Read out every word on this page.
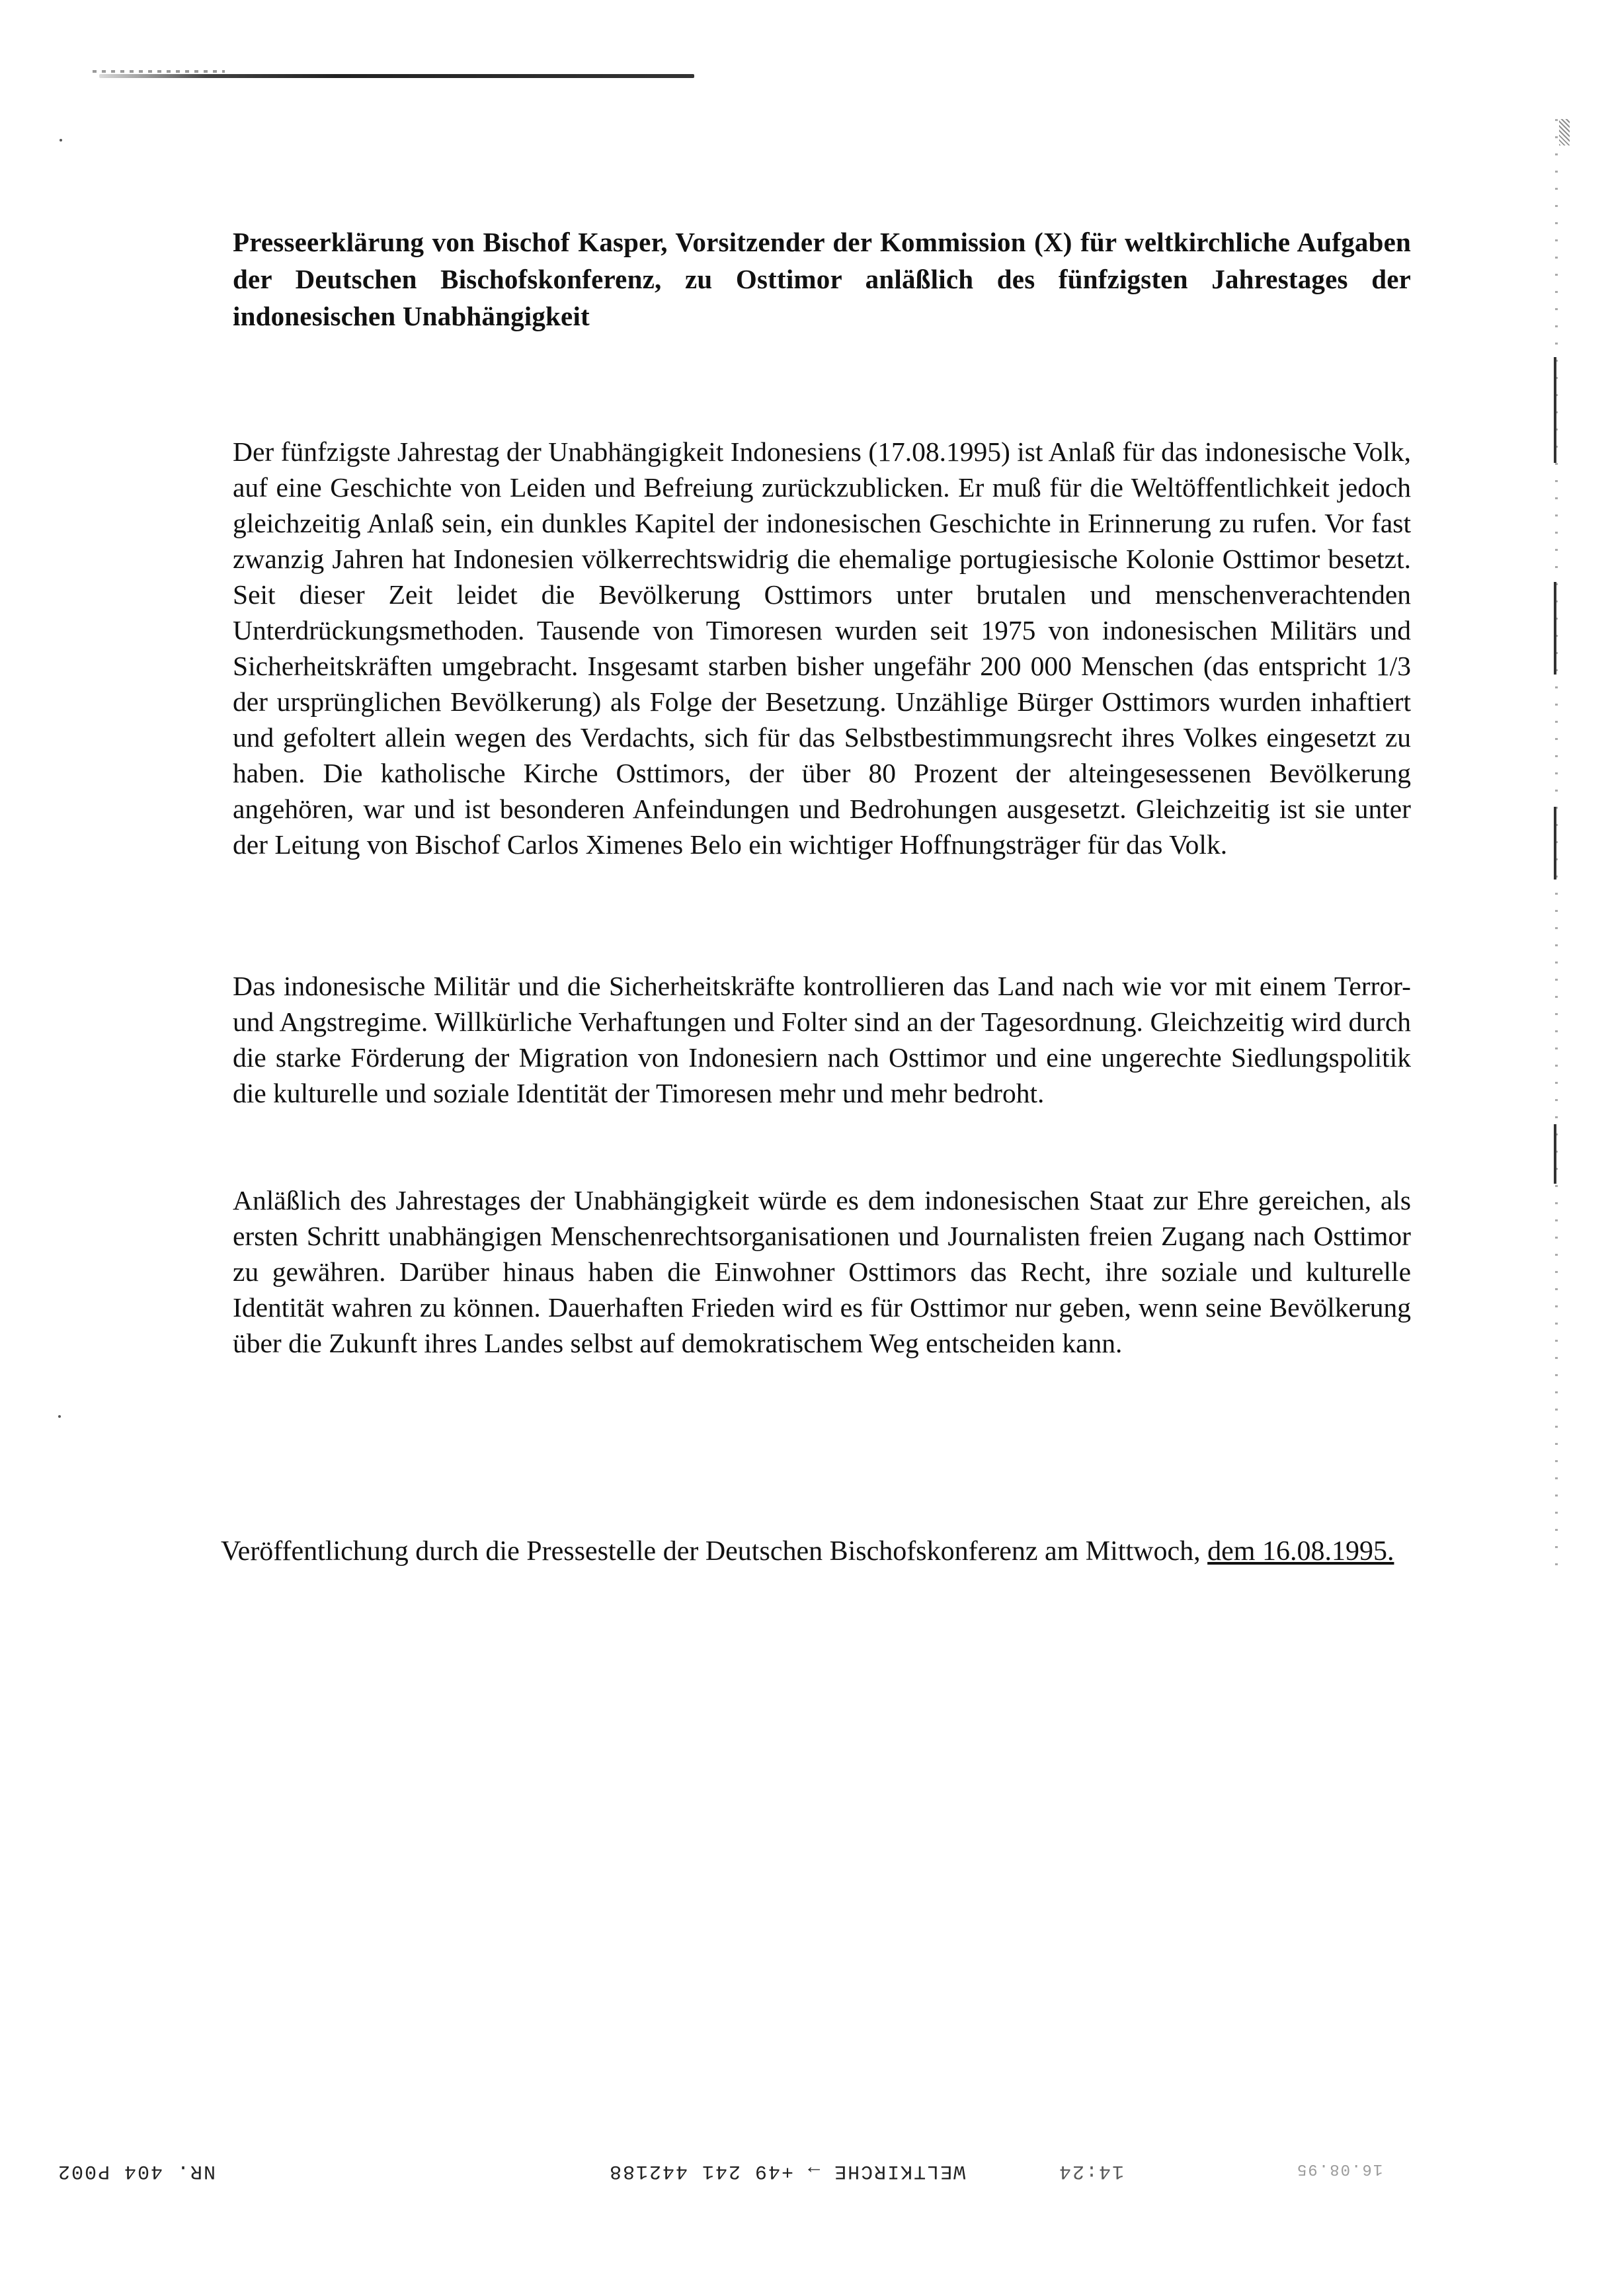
Presseerklärung von Bischof Kasper, Vorsitzender der Kommission (X) für weltkirchliche Aufgaben der Deutschen Bischofskonferenz, zu Osttimor anläßlich des fünfzigsten Jahrestages der indonesischen Unabhängigkeit

Der fünfzigste Jahrestag der Unabhängigkeit Indonesiens (17.08.1995) ist Anlaß für das indonesische Volk, auf eine Geschichte von Leiden und Befreiung zurückzublicken. Er muß für die Weltöffentlichkeit jedoch gleichzeitig Anlaß sein, ein dunkles Kapitel der indonesischen Geschichte in Erinnerung zu rufen. Vor fast zwanzig Jahren hat Indonesien völkerrechtswidrig die ehemalige portugiesische Kolonie Osttimor besetzt. Seit dieser Zeit leidet die Bevölkerung Osttimors unter brutalen und menschenverachtenden Unterdrückungsmethoden. Tausende von Timoresen wurden seit 1975 von indonesischen Militärs und Sicherheitskräften umgebracht. Insgesamt starben bisher ungefähr 200 000 Menschen (das entspricht 1/3 der ursprünglichen Bevölkerung) als Folge der Besetzung. Unzählige Bürger Osttimors wurden inhaftiert und gefoltert allein wegen des Verdachts, sich für das Selbstbestimmungsrecht ihres Volkes eingesetzt zu haben. Die katholische Kirche Osttimors, der über 80 Prozent der alteingesessenen Bevölkerung angehören, war und ist besonderen Anfeindungen und Bedrohungen ausgesetzt. Gleichzeitig ist sie unter der Leitung von Bischof Carlos Ximenes Belo ein wichtiger Hoffnungsträger für das Volk.

Das indonesische Militär und die Sicherheitskräfte kontrollieren das Land nach wie vor mit einem Terror- und Angstregime. Willkürliche Verhaftungen und Folter sind an der Tagesordnung. Gleichzeitig wird durch die starke Förderung der Migration von Indonesiern nach Osttimor und eine ungerechte Siedlungspolitik die kulturelle und soziale Identität der Timoresen mehr und mehr bedroht.

Anläßlich des Jahrestages der Unabhängigkeit würde es dem indonesischen Staat zur Ehre gereichen, als ersten Schritt unabhängigen Menschenrechtsorganisationen und Journalisten freien Zugang nach Osttimor zu gewähren. Darüber hinaus haben die Einwohner Osttimors das Recht, ihre soziale und kulturelle Identität wahren zu können. Dauerhaften Frieden wird es für Osttimor nur geben, wenn seine Bevölkerung über die Zukunft ihres Landes selbst auf demokratischem Weg entscheiden kann.

Veröffentlichung durch die Pressestelle der Deutschen Bischofskonferenz am Mittwoch, dem 16.08.1995.

NR. 404 P002	WELTKIRCHE → +49 241 442188	14:24	16.08.95
